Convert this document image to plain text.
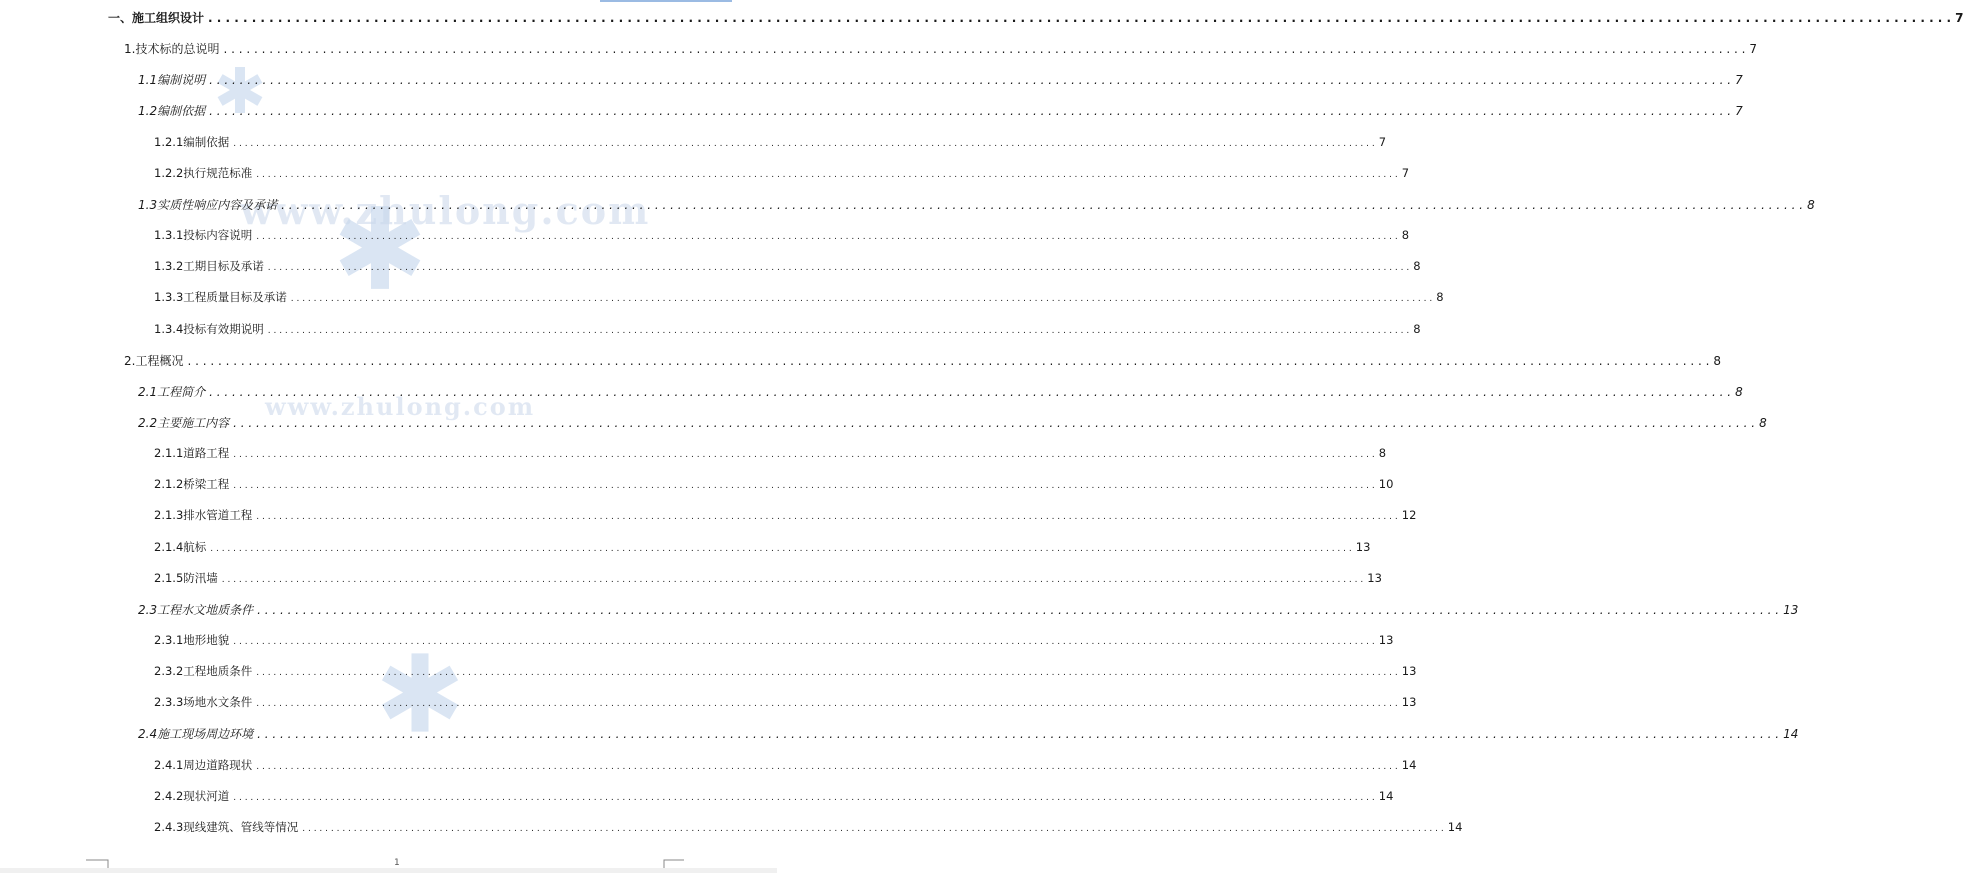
www.zhulong.com
www.zhulong.com
一、施工组织设计 . . . . . . . . . . . . . . . . . . . . . . . . . . . . . . . . . . . . . . . . . . . . . . . . . . . . . . . . . . . . . . . . . . . . . . . . . . . . . . . . . . . . . . . . . . . . . . . . . . . . . . . . . . . . . . . . . . . . . . . . . . . . . . . . . . . . . . . . . . . . . . . . . . . . . . . . . . . . . . . . . . . . . . . . . . . . . . . . . . . . . . . . . . . . . . . . . . . . . . . . 7
1.技术标的总说明 . . . . . . . . . . . . . . . . . . . . . . . . . . . . . . . . . . . . . . . . . . . . . . . . . . . . . . . . . . . . . . . . . . . . . . . . . . . . . . . . . . . . . . . . . . . . . . . . . . . . . . . . . . . . . . . . . . . . . . . . . . . . . . . . . . . . . . . . . . . . . . . . . . . . . . . . . . . . . . . . . . . . . . . . . . . . . . . . . . . . . . . . . . . . . . . . . . . . . . . . 7
1.1编制说明 . . . . . . . . . . . . . . . . . . . . . . . . . . . . . . . . . . . . . . . . . . . . . . . . . . . . . . . . . . . . . . . . . . . . . . . . . . . . . . . . . . . . . . . . . . . . . . . . . . . . . . . . . . . . . . . . . . . . . . . . . . . . . . . . . . . . . . . . . . . . . . . . . . . . . . . . . . . . . . . . . . . . . . . . . . . . . . . . . . . . . . . . . . . . . . . . . . . . . . . . 7
1.2编制依据 . . . . . . . . . . . . . . . . . . . . . . . . . . . . . . . . . . . . . . . . . . . . . . . . . . . . . . . . . . . . . . . . . . . . . . . . . . . . . . . . . . . . . . . . . . . . . . . . . . . . . . . . . . . . . . . . . . . . . . . . . . . . . . . . . . . . . . . . . . . . . . . . . . . . . . . . . . . . . . . . . . . . . . . . . . . . . . . . . . . . . . . . . . . . . . . . . . . . . . . . 7
1.2.1编制依据 . . . . . . . . . . . . . . . . . . . . . . . . . . . . . . . . . . . . . . . . . . . . . . . . . . . . . . . . . . . . . . . . . . . . . . . . . . . . . . . . . . . . . . . . . . . . . . . . . . . . . . . . . . . . . . . . . . . . . . . . . . . . . . . . . . . . . . . . . . . . . . . . . . . . . . . . . . . . . . . . . . . . . . . . . . . . . . . . . . . . . . . . . . . . . . . . . . . . . . . . 7
1.2.2执行规范标准 . . . . . . . . . . . . . . . . . . . . . . . . . . . . . . . . . . . . . . . . . . . . . . . . . . . . . . . . . . . . . . . . . . . . . . . . . . . . . . . . . . . . . . . . . . . . . . . . . . . . . . . . . . . . . . . . . . . . . . . . . . . . . . . . . . . . . . . . . . . . . . . . . . . . . . . . . . . . . . . . . . . . . . . . . . . . . . . . . . . . . . . . . . . . . . . . . . . . . . . . 7
1.3实质性响应内容及承诺 . . . . . . . . . . . . . . . . . . . . . . . . . . . . . . . . . . . . . . . . . . . . . . . . . . . . . . . . . . . . . . . . . . . . . . . . . . . . . . . . . . . . . . . . . . . . . . . . . . . . . . . . . . . . . . . . . . . . . . . . . . . . . . . . . . . . . . . . . . . . . . . . . . . . . . . . . . . . . . . . . . . . . . . . . . . . . . . . . . . . . . . . . . . . . . . . . . . . . . . . 8
1.3.1投标内容说明 . . . . . . . . . . . . . . . . . . . . . . . . . . . . . . . . . . . . . . . . . . . . . . . . . . . . . . . . . . . . . . . . . . . . . . . . . . . . . . . . . . . . . . . . . . . . . . . . . . . . . . . . . . . . . . . . . . . . . . . . . . . . . . . . . . . . . . . . . . . . . . . . . . . . . . . . . . . . . . . . . . . . . . . . . . . . . . . . . . . . . . . . . . . . . . . . . . . . . . . . 8
1.3.2工期目标及承诺 . . . . . . . . . . . . . . . . . . . . . . . . . . . . . . . . . . . . . . . . . . . . . . . . . . . . . . . . . . . . . . . . . . . . . . . . . . . . . . . . . . . . . . . . . . . . . . . . . . . . . . . . . . . . . . . . . . . . . . . . . . . . . . . . . . . . . . . . . . . . . . . . . . . . . . . . . . . . . . . . . . . . . . . . . . . . . . . . . . . . . . . . . . . . . . . . . . . . . . . . 8
1.3.3工程质量目标及承诺 . . . . . . . . . . . . . . . . . . . . . . . . . . . . . . . . . . . . . . . . . . . . . . . . . . . . . . . . . . . . . . . . . . . . . . . . . . . . . . . . . . . . . . . . . . . . . . . . . . . . . . . . . . . . . . . . . . . . . . . . . . . . . . . . . . . . . . . . . . . . . . . . . . . . . . . . . . . . . . . . . . . . . . . . . . . . . . . . . . . . . . . . . . . . . . . . . . . . . . . . 8
1.3.4投标有效期说明 . . . . . . . . . . . . . . . . . . . . . . . . . . . . . . . . . . . . . . . . . . . . . . . . . . . . . . . . . . . . . . . . . . . . . . . . . . . . . . . . . . . . . . . . . . . . . . . . . . . . . . . . . . . . . . . . . . . . . . . . . . . . . . . . . . . . . . . . . . . . . . . . . . . . . . . . . . . . . . . . . . . . . . . . . . . . . . . . . . . . . . . . . . . . . . . . . . . . . . . . 8
2.工程概况 . . . . . . . . . . . . . . . . . . . . . . . . . . . . . . . . . . . . . . . . . . . . . . . . . . . . . . . . . . . . . . . . . . . . . . . . . . . . . . . . . . . . . . . . . . . . . . . . . . . . . . . . . . . . . . . . . . . . . . . . . . . . . . . . . . . . . . . . . . . . . . . . . . . . . . . . . . . . . . . . . . . . . . . . . . . . . . . . . . . . . . . . . . . . . . . . . . . . . . . . 8
2.1工程简介 . . . . . . . . . . . . . . . . . . . . . . . . . . . . . . . . . . . . . . . . . . . . . . . . . . . . . . . . . . . . . . . . . . . . . . . . . . . . . . . . . . . . . . . . . . . . . . . . . . . . . . . . . . . . . . . . . . . . . . . . . . . . . . . . . . . . . . . . . . . . . . . . . . . . . . . . . . . . . . . . . . . . . . . . . . . . . . . . . . . . . . . . . . . . . . . . . . . . . . . . 8
2.2主要施工内容 . . . . . . . . . . . . . . . . . . . . . . . . . . . . . . . . . . . . . . . . . . . . . . . . . . . . . . . . . . . . . . . . . . . . . . . . . . . . . . . . . . . . . . . . . . . . . . . . . . . . . . . . . . . . . . . . . . . . . . . . . . . . . . . . . . . . . . . . . . . . . . . . . . . . . . . . . . . . . . . . . . . . . . . . . . . . . . . . . . . . . . . . . . . . . . . . . . . . . . . . 8
2.1.1道路工程 . . . . . . . . . . . . . . . . . . . . . . . . . . . . . . . . . . . . . . . . . . . . . . . . . . . . . . . . . . . . . . . . . . . . . . . . . . . . . . . . . . . . . . . . . . . . . . . . . . . . . . . . . . . . . . . . . . . . . . . . . . . . . . . . . . . . . . . . . . . . . . . . . . . . . . . . . . . . . . . . . . . . . . . . . . . . . . . . . . . . . . . . . . . . . . . . . . . . . . . . 8
2.1.2桥梁工程 . . . . . . . . . . . . . . . . . . . . . . . . . . . . . . . . . . . . . . . . . . . . . . . . . . . . . . . . . . . . . . . . . . . . . . . . . . . . . . . . . . . . . . . . . . . . . . . . . . . . . . . . . . . . . . . . . . . . . . . . . . . . . . . . . . . . . . . . . . . . . . . . . . . . . . . . . . . . . . . . . . . . . . . . . . . . . . . . . . . . . . . . . . . . . . . . . . . . . . . . 10
2.1.3排水管道工程 . . . . . . . . . . . . . . . . . . . . . . . . . . . . . . . . . . . . . . . . . . . . . . . . . . . . . . . . . . . . . . . . . . . . . . . . . . . . . . . . . . . . . . . . . . . . . . . . . . . . . . . . . . . . . . . . . . . . . . . . . . . . . . . . . . . . . . . . . . . . . . . . . . . . . . . . . . . . . . . . . . . . . . . . . . . . . . . . . . . . . . . . . . . . . . . . . . . . . . . . 12
2.1.4航标 . . . . . . . . . . . . . . . . . . . . . . . . . . . . . . . . . . . . . . . . . . . . . . . . . . . . . . . . . . . . . . . . . . . . . . . . . . . . . . . . . . . . . . . . . . . . . . . . . . . . . . . . . . . . . . . . . . . . . . . . . . . . . . . . . . . . . . . . . . . . . . . . . . . . . . . . . . . . . . . . . . . . . . . . . . . . . . . . . . . . . . . . . . . . . . . . . . . . . . . . 13
2.1.5防汛墙 . . . . . . . . . . . . . . . . . . . . . . . . . . . . . . . . . . . . . . . . . . . . . . . . . . . . . . . . . . . . . . . . . . . . . . . . . . . . . . . . . . . . . . . . . . . . . . . . . . . . . . . . . . . . . . . . . . . . . . . . . . . . . . . . . . . . . . . . . . . . . . . . . . . . . . . . . . . . . . . . . . . . . . . . . . . . . . . . . . . . . . . . . . . . . . . . . . . . . . . . 13
2.3工程水文地质条件 . . . . . . . . . . . . . . . . . . . . . . . . . . . . . . . . . . . . . . . . . . . . . . . . . . . . . . . . . . . . . . . . . . . . . . . . . . . . . . . . . . . . . . . . . . . . . . . . . . . . . . . . . . . . . . . . . . . . . . . . . . . . . . . . . . . . . . . . . . . . . . . . . . . . . . . . . . . . . . . . . . . . . . . . . . . . . . . . . . . . . . . . . . . . . . . . . . . . . . . . 13
2.3.1地形地貌 . . . . . . . . . . . . . . . . . . . . . . . . . . . . . . . . . . . . . . . . . . . . . . . . . . . . . . . . . . . . . . . . . . . . . . . . . . . . . . . . . . . . . . . . . . . . . . . . . . . . . . . . . . . . . . . . . . . . . . . . . . . . . . . . . . . . . . . . . . . . . . . . . . . . . . . . . . . . . . . . . . . . . . . . . . . . . . . . . . . . . . . . . . . . . . . . . . . . . . . . 13
2.3.2工程地质条件 . . . . . . . . . . . . . . . . . . . . . . . . . . . . . . . . . . . . . . . . . . . . . . . . . . . . . . . . . . . . . . . . . . . . . . . . . . . . . . . . . . . . . . . . . . . . . . . . . . . . . . . . . . . . . . . . . . . . . . . . . . . . . . . . . . . . . . . . . . . . . . . . . . . . . . . . . . . . . . . . . . . . . . . . . . . . . . . . . . . . . . . . . . . . . . . . . . . . . . . . 13
2.3.3场地水文条件 . . . . . . . . . . . . . . . . . . . . . . . . . . . . . . . . . . . . . . . . . . . . . . . . . . . . . . . . . . . . . . . . . . . . . . . . . . . . . . . . . . . . . . . . . . . . . . . . . . . . . . . . . . . . . . . . . . . . . . . . . . . . . . . . . . . . . . . . . . . . . . . . . . . . . . . . . . . . . . . . . . . . . . . . . . . . . . . . . . . . . . . . . . . . . . . . . . . . . . . . 13
2.4施工现场周边环境 . . . . . . . . . . . . . . . . . . . . . . . . . . . . . . . . . . . . . . . . . . . . . . . . . . . . . . . . . . . . . . . . . . . . . . . . . . . . . . . . . . . . . . . . . . . . . . . . . . . . . . . . . . . . . . . . . . . . . . . . . . . . . . . . . . . . . . . . . . . . . . . . . . . . . . . . . . . . . . . . . . . . . . . . . . . . . . . . . . . . . . . . . . . . . . . . . . . . . . . . 14
2.4.1周边道路现状 . . . . . . . . . . . . . . . . . . . . . . . . . . . . . . . . . . . . . . . . . . . . . . . . . . . . . . . . . . . . . . . . . . . . . . . . . . . . . . . . . . . . . . . . . . . . . . . . . . . . . . . . . . . . . . . . . . . . . . . . . . . . . . . . . . . . . . . . . . . . . . . . . . . . . . . . . . . . . . . . . . . . . . . . . . . . . . . . . . . . . . . . . . . . . . . . . . . . . . . . 14
2.4.2现状河道 . . . . . . . . . . . . . . . . . . . . . . . . . . . . . . . . . . . . . . . . . . . . . . . . . . . . . . . . . . . . . . . . . . . . . . . . . . . . . . . . . . . . . . . . . . . . . . . . . . . . . . . . . . . . . . . . . . . . . . . . . . . . . . . . . . . . . . . . . . . . . . . . . . . . . . . . . . . . . . . . . . . . . . . . . . . . . . . . . . . . . . . . . . . . . . . . . . . . . . . . 14
2.4.3现线建筑、管线等情况 . . . . . . . . . . . . . . . . . . . . . . . . . . . . . . . . . . . . . . . . . . . . . . . . . . . . . . . . . . . . . . . . . . . . . . . . . . . . . . . . . . . . . . . . . . . . . . . . . . . . . . . . . . . . . . . . . . . . . . . . . . . . . . . . . . . . . . . . . . . . . . . . . . . . . . . . . . . . . . . . . . . . . . . . . . . . . . . . . . . . . . . . . . . . . . . . . . . . . . . . 14
1
